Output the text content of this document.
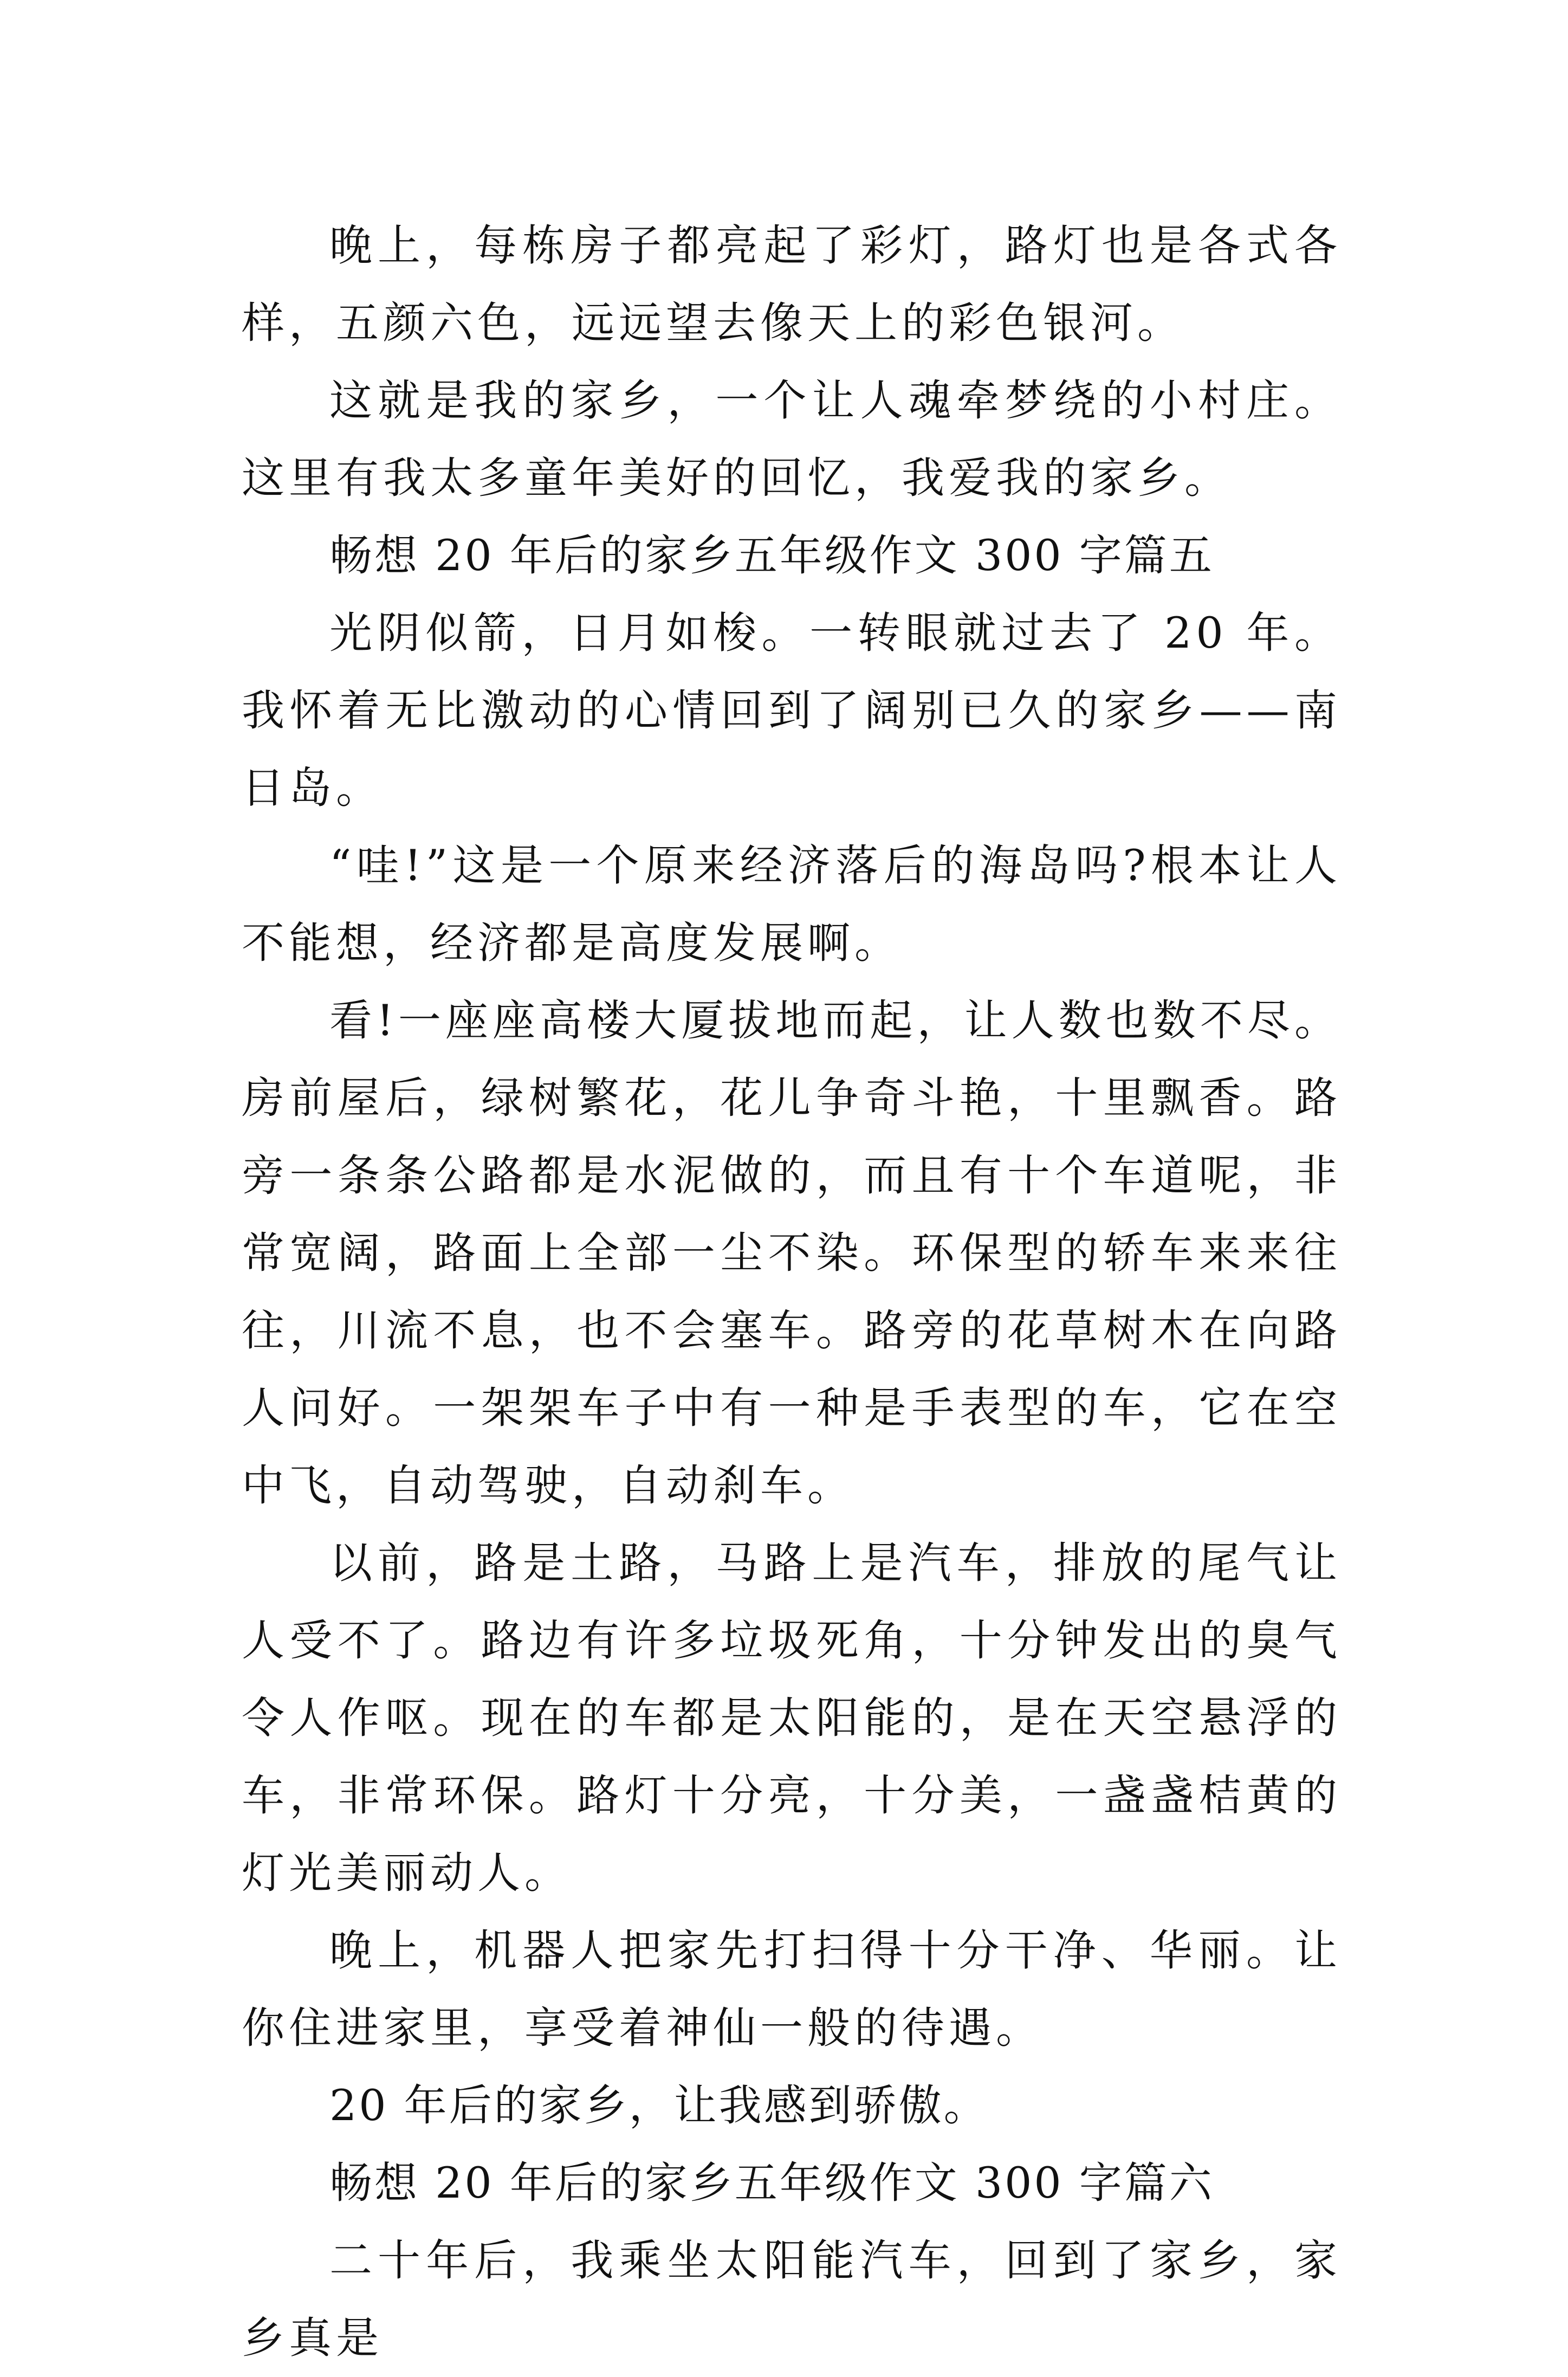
晚上，每栋房子都亮起了彩灯，路灯也是各式各样，五颜六色，远远望去像天上的彩色银河。

这就是我的家乡，一个让人魂牵梦绕的小村庄。这里有我太多童年美好的回忆，我爱我的家乡。

畅想 20 年后的家乡五年级作文 300 字篇五

光阴似箭，日月如梭。一转眼就过去了 20 年。我怀着无比激动的心情回到了阔别已久的家乡——南日岛。

“哇!”这是一个原来经济落后的海岛吗?根本让人不能想，经济都是高度发展啊。

看!一座座高楼大厦拔地而起，让人数也数不尽。房前屋后，绿树繁花，花儿争奇斗艳，十里飘香。路旁一条条公路都是水泥做的，而且有十个车道呢，非常宽阔，路面上全部一尘不染。环保型的轿车来来往往，川流不息，也不会塞车。路旁的花草树木在向路人问好。一架架车子中有一种是手表型的车，它在空中飞，自动驾驶，自动刹车。

以前，路是土路，马路上是汽车，排放的尾气让人受不了。路边有许多垃圾死角，十分钟发出的臭气令人作呕。现在的车都是太阳能的，是在天空悬浮的车，非常环保。路灯十分亮，十分美，一盏盏桔黄的灯光美丽动人。

晚上，机器人把家先打扫得十分干净、华丽。让你住进家里，享受着神仙一般的待遇。

20 年后的家乡，让我感到骄傲。

畅想 20 年后的家乡五年级作文 300 字篇六

二十年后，我乘坐太阳能汽车，回到了家乡，家乡真是
